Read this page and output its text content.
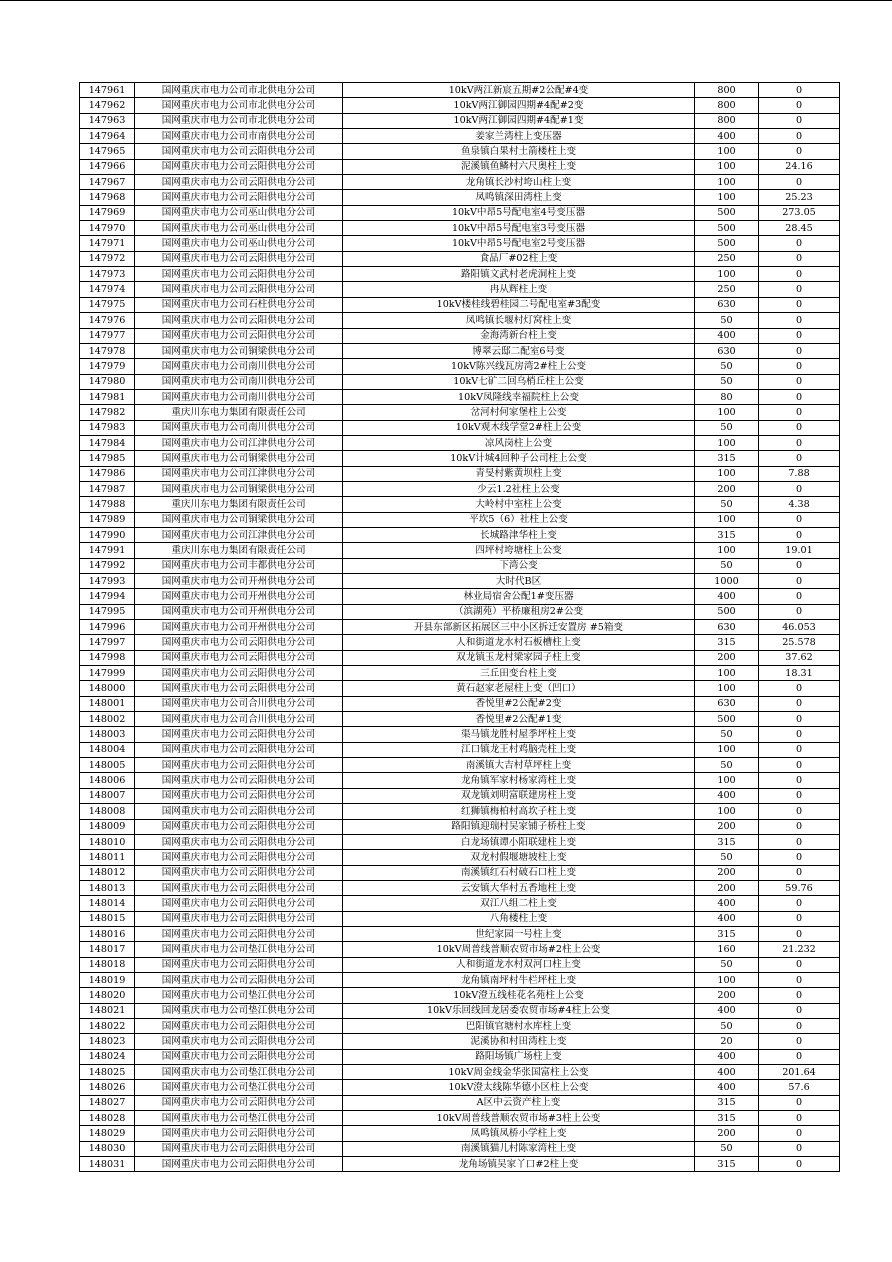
147961	国网重庆市电力公司市北供电分公司	10kV两江新宸五期#2公配#4变	800	0
147962	国网重庆市电力公司市北供电分公司	10kV两江御园四期#4配#2变	800	0
147963	国网重庆市电力公司市北供电分公司	10kV两江御园四期#4配#1变	800	0
147964	国网重庆市电力公司市南供电分公司	姜家兰湾柱上变压器	400	0
147965	国网重庆市电力公司云阳供电分公司	鱼泉镇白果村土箭楼柱上变	100	0
147966	国网重庆市电力公司云阳供电分公司	泥溪镇鱼鳞村六尺奥柱上变	100	24.16
147967	国网重庆市电力公司云阳供电分公司	龙角镇长沙村垮山柱上变	100	0
147968	国网重庆市电力公司云阳供电分公司	凤鸣镇深田湾柱上变	100	25.23
147969	国网重庆市电力公司巫山供电分公司	10kV中昂5号配电室4号变压器	500	273.05
147970	国网重庆市电力公司巫山供电分公司	10kV中昂5号配电室3号变压器	500	28.45
147971	国网重庆市电力公司巫山供电分公司	10kV中昂5号配电室2号变压器	500	0
147972	国网重庆市电力公司云阳供电分公司	食品厂#02柱上变	250	0
147973	国网重庆市电力公司云阳供电分公司	路阳镇文武村老虎洞柱上变	100	0
147974	国网重庆市电力公司云阳供电分公司	冉从辉柱上变	250	0
147975	国网重庆市电力公司石柱供电分公司	10kV楼桂线碧桂园二号配电室#3配变	630	0
147976	国网重庆市电力公司云阳供电分公司	凤鸣镇长堰村灯窝柱上变	50	0
147977	国网重庆市电力公司云阳供电分公司	金海湾新台柱上变	400	0
147978	国网重庆市电力公司铜梁供电分公司	博翠云邸二配室6号变	630	0
147979	国网重庆市电力公司南川供电分公司	10kV陈兴线瓦房湾2#柱上公变	50	0
147980	国网重庆市电力公司南川供电分公司	10kV七矿二回乌梢丘柱上公变	50	0
147981	国网重庆市电力公司南川供电分公司	10kV凤隆线幸福院柱上公变	80	0
147982	重庆川东电力集团有限责任公司	岔河村何家堡柱上公变	100	0
147983	国网重庆市电力公司南川供电分公司	10kV观木线学堂2#柱上公变	50	0
147984	国网重庆市电力公司江津供电分公司	凉风岗柱上公变	100	0
147985	国网重庆市电力公司铜梁供电分公司	10kV计城4回种子公司柱上公变	315	0
147986	国网重庆市电力公司江津供电分公司	青旻村紫黄坝柱上变	100	7.88
147987	国网重庆市电力公司铜梁供电分公司	少云1.2社柱上公变	200	0
147988	重庆川东电力集团有限责任公司	大岭村中室柱上公变	50	4.38
147989	国网重庆市电力公司铜梁供电分公司	平坎5（6）社柱上公变	100	0
147990	国网重庆市电力公司江津供电分公司	长城路津华柱上变	315	0
147991	重庆川东电力集团有限责任公司	四坪村垮塘柱上公变	100	19.01
147992	国网重庆市电力公司丰都供电分公司	下湾公变	50	0
147993	国网重庆市电力公司开州供电分公司	大时代B区	1000	0
147994	国网重庆市电力公司开州供电分公司	林业局宿舍公配1#变压器	400	0
147995	国网重庆市电力公司开州供电分公司	（滨湖苑）平桥廉租房2#公变	500	0
147996	国网重庆市电力公司开州供电分公司	开县东部新区拓展区三中小区拆迁安置房 #5箱变	630	46.053
147997	国网重庆市电力公司云阳供电分公司	人和街道龙水村石板槽柱上变	315	25.578
147998	国网重庆市电力公司云阳供电分公司	双龙镇玉龙村梁家园子柱上变	200	37.62
147999	国网重庆市电力公司云阳供电分公司	三丘田变台柱上变	100	18.31
148000	国网重庆市电力公司云阳供电分公司	黄石赵家老屋柱上变（凹口）	100	0
148001	国网重庆市电力公司合川供电分公司	香悦里#2公配#2变	630	0
148002	国网重庆市电力公司合川供电分公司	香悦里#2公配#1变	500	0
148003	国网重庆市电力公司云阳供电分公司	渠马镇龙胜村屋季坪柱上变	50	0
148004	国网重庆市电力公司云阳供电分公司	江口镇龙王村鸡脑壳柱上变	100	0
148005	国网重庆市电力公司云阳供电分公司	南溪镇大吉村草坪柱上变	50	0
148006	国网重庆市电力公司云阳供电分公司	龙角镇军家村杨家湾柱上变	100	0
148007	国网重庆市电力公司云阳供电分公司	双龙镇刘明富联建房柱上变	400	0
148008	国网重庆市电力公司云阳供电分公司	红狮镇梅柏村高坎子柱上变	100	0
148009	国网重庆市电力公司云阳供电分公司	路阳镇迎瑞村吴家铺子桥柱上变	200	0
148010	国网重庆市电力公司云阳供电分公司	白龙场镇谭小阳联建柱上变	315	0
148011	国网重庆市电力公司云阳供电分公司	双龙村假堰塘坡柱上变	50	0
148012	国网重庆市电力公司云阳供电分公司	南溪镇红石村破石口柱上变	200	0
148013	国网重庆市电力公司云阳供电分公司	云安镇大华村五香地柱上变	200	59.76
148014	国网重庆市电力公司云阳供电分公司	双江八组二柱上变	400	0
148015	国网重庆市电力公司云阳供电分公司	八角楼柱上变	400	0
148016	国网重庆市电力公司云阳供电分公司	世纪家园一号柱上变	315	0
148017	国网重庆市电力公司垫江供电分公司	10kV周普线普顺农贸市场#2柱上公变	160	21.232
148018	国网重庆市电力公司云阳供电分公司	人和街道龙水村双河口柱上变	50	0
148019	国网重庆市电力公司云阳供电分公司	龙角镇南坪村牛栏坪柱上变	100	0
148020	国网重庆市电力公司垫江供电分公司	10kV澄五线桂花名苑柱上公变	200	0
148021	国网重庆市电力公司垫江供电分公司	10kV乐回线回龙居委农贸市场#4柱上公变	400	0
148022	国网重庆市电力公司云阳供电分公司	巴阳镇官塘村水库柱上变	50	0
148023	国网重庆市电力公司云阳供电分公司	泥溪协和村田湾柱上变	20	0
148024	国网重庆市电力公司云阳供电分公司	路阳场镇广场柱上变	400	0
148025	国网重庆市电力公司垫江供电分公司	10kV周金线金华张国富柱上公变	400	201.64
148026	国网重庆市电力公司垫江供电分公司	10kV澄太线陈华德小区柱上公变	400	57.6
148027	国网重庆市电力公司云阳供电分公司	A区中云资产柱上变	315	0
148028	国网重庆市电力公司垫江供电分公司	10kV周普线普顺农贸市场#3柱上公变	315	0
148029	国网重庆市电力公司云阳供电分公司	凤鸣镇凤桥小学柱上变	200	0
148030	国网重庆市电力公司云阳供电分公司	南溪镇猫儿村陈家湾柱上变	50	0
148031	国网重庆市电力公司云阳供电分公司	龙角场镇吴家丫口#2柱上变	315	0
